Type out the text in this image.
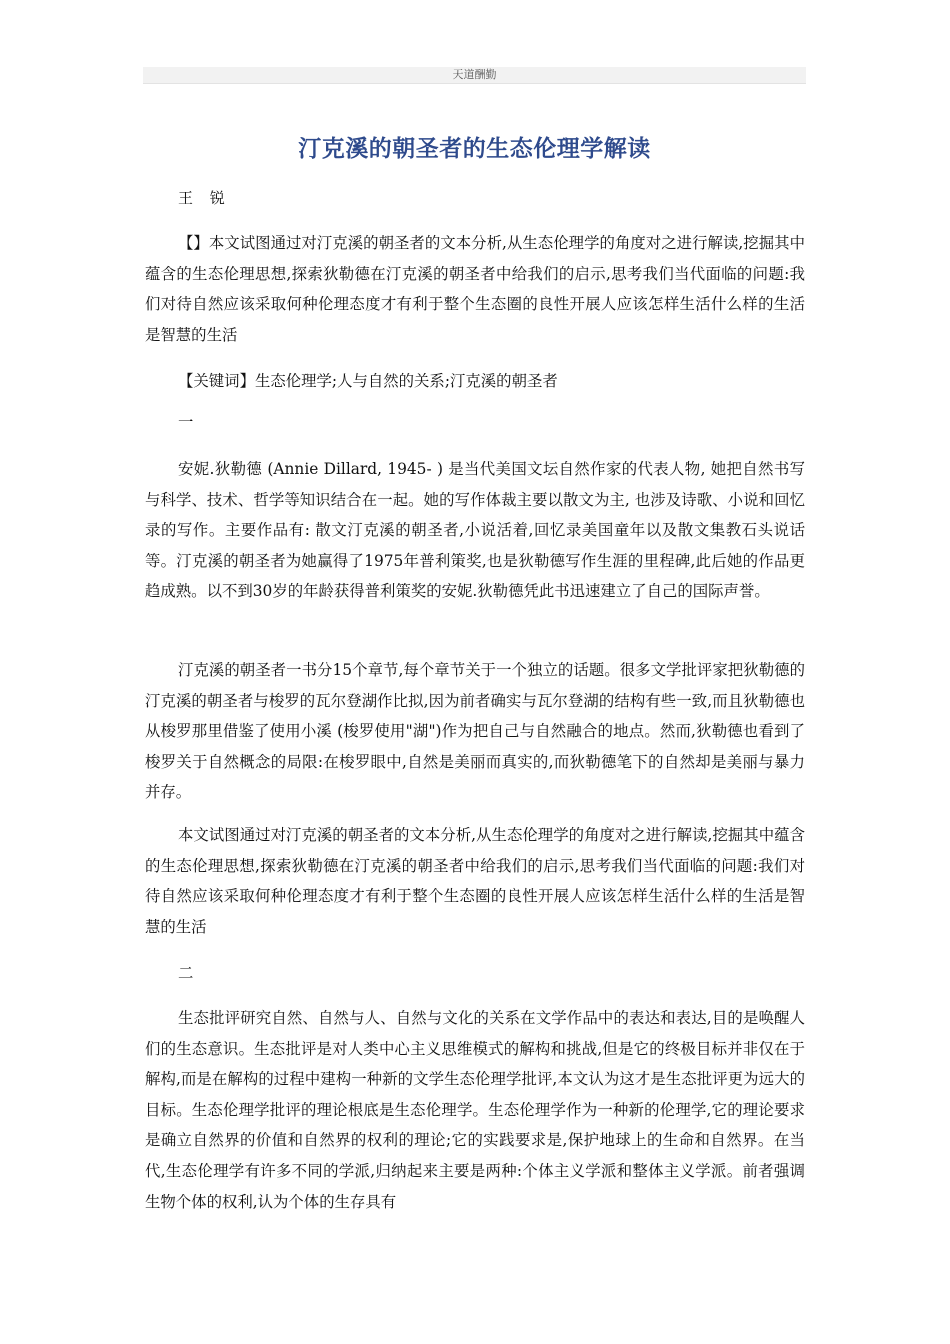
天道酬勤
汀克溪的朝圣者的生态伦理学解读
王 锐

【】本文试图通过对汀克溪的朝圣者的文本分析,从生态伦理学的角度对之进行解读,挖掘其中蕴含的生态伦理思想,探索狄勒德在汀克溪的朝圣者中给我们的启示,思考我们当代面临的问题:我们对待自然应该采取何种伦理态度才有利于整个生态圈的良性开展人应该怎样生活什么样的生活是智慧的生活

【关键词】生态伦理学;人与自然的关系;汀克溪的朝圣者

一

安妮.狄勒德 (Annie Dillard, 1945- ) 是当代美国文坛自然作家的代表人物, 她把自然书写与科学、技术、哲学等知识结合在一起。她的写作体裁主要以散文为主, 也涉及诗歌、小说和回忆录的写作。主要作品有: 散文汀克溪的朝圣者,小说活着,回忆录美国童年以及散文集教石头说话等。汀克溪的朝圣者为她赢得了1975年普利策奖,也是狄勒德写作生涯的里程碑,此后她的作品更趋成熟。以不到30岁的年龄获得普利策奖的安妮.狄勒德凭此书迅速建立了自己的国际声誉。

汀克溪的朝圣者一书分15个章节,每个章节关于一个独立的话题。很多文学批评家把狄勒德的汀克溪的朝圣者与梭罗的瓦尔登湖作比拟,因为前者确实与瓦尔登湖的结构有些一致,而且狄勒德也从梭罗那里借鉴了使用小溪 (梭罗使用"湖")作为把自己与自然融合的地点。然而,狄勒德也看到了梭罗关于自然概念的局限:在梭罗眼中,自然是美丽而真实的,而狄勒德笔下的自然却是美丽与暴力并存。

本文试图通过对汀克溪的朝圣者的文本分析,从生态伦理学的角度对之进行解读,挖掘其中蕴含的生态伦理思想,探索狄勒德在汀克溪的朝圣者中给我们的启示,思考我们当代面临的问题:我们对待自然应该采取何种伦理态度才有利于整个生态圈的良性开展人应该怎样生活什么样的生活是智慧的生活

二

生态批评研究自然、自然与人、自然与文化的关系在文学作品中的表达和表达,目的是唤醒人们的生态意识。生态批评是对人类中心主义思维模式的解构和挑战,但是它的终极目标并非仅在于解构,而是在解构的过程中建构一种新的文学生态伦理学批评,本文认为这才是生态批评更为远大的目标。生态伦理学批评的理论根底是生态伦理学。生态伦理学作为一种新的伦理学,它的理论要求是确立自然界的价值和自然界的权利的理论;它的实践要求是,保护地球上的生命和自然界。在当代,生态伦理学有许多不同的学派,归纳起来主要是两种:个体主义学派和整体主义学派。前者强调生物个体的权利,认为个体的生存具有
